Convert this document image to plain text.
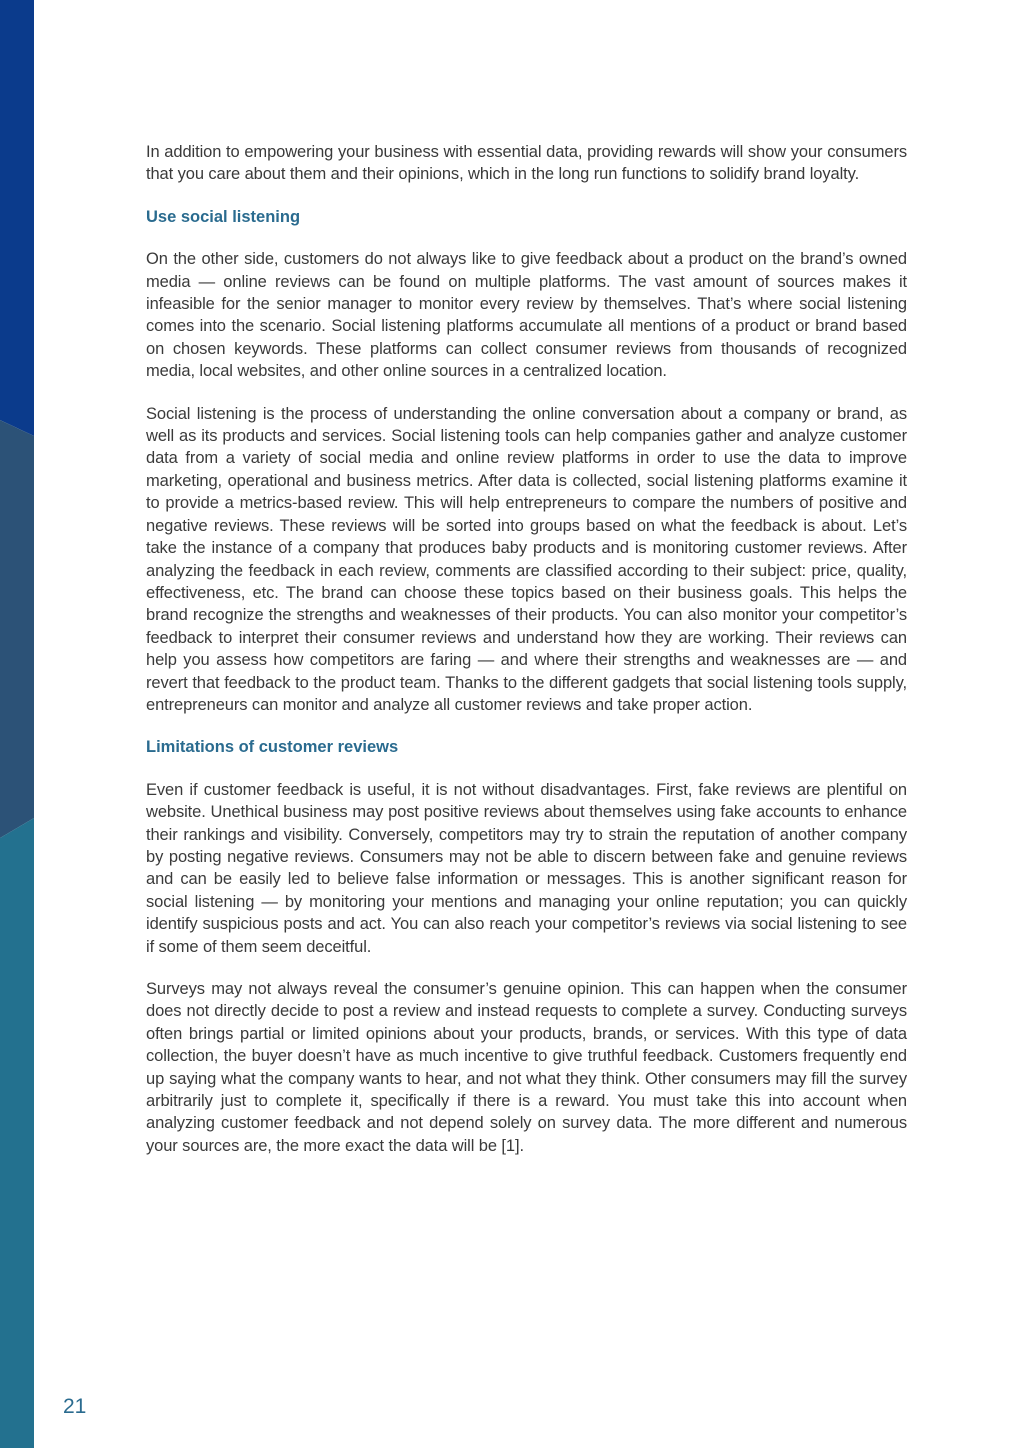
In addition to empowering your business with essential data, providing rewards will show your consumers that you care about them and their opinions, which in the long run functions to solidify brand loyalty.

Use social listening

On the other side, customers do not always like to give feedback about a product on the brand’s owned media — online reviews can be found on multiple platforms. The vast amount of sources makes it infeasible for the senior manager to monitor every review by themselves. That’s where social listening comes into the scenario. Social listening platforms accumulate all mentions of a product or brand based on chosen keywords. These platforms can collect consumer reviews from thousands of recognized media, local websites, and other online sources in a centralized location.

Social listening is the process of understanding the online conversation about a company or brand, as well as its products and services. Social listening tools can help companies gather and analyze customer data from a variety of social media and online review platforms in order to use the data to improve marketing, operational and business metrics. After data is collected, social listening platforms examine it to provide a metrics-based review. This will help entrepreneurs to compare the numbers of positive and negative reviews. These reviews will be sorted into groups based on what the feedback is about. Let’s take the instance of a company that produces baby products and is monitoring customer reviews. After analyzing the feedback in each review, comments are classified according to their subject: price, quality, effectiveness, etc. The brand can choose these topics based on their business goals. This helps the brand recognize the strengths and weaknesses of their products. You can also monitor your competitor’s feedback to interpret their consumer reviews and understand how they are working. Their reviews can help you assess how competitors are faring — and where their strengths and weaknesses are — and revert that feedback to the product team. Thanks to the different gadgets that social listening tools supply, entrepreneurs can monitor and analyze all customer reviews and take proper action.

Limitations of customer reviews

Even if customer feedback is useful, it is not without disadvantages. First, fake reviews are plentiful on website. Unethical business may post positive reviews about themselves using fake accounts to enhance their rankings and visibility. Conversely, competitors may try to strain the reputation of another company by posting negative reviews. Consumers may not be able to discern between fake and genuine reviews and can be easily led to believe false information or messages. This is another significant reason for social listening — by monitoring your mentions and managing your online reputation; you can quickly identify suspicious posts and act. You can also reach your competitor’s reviews via social listening to see if some of them seem deceitful.

Surveys may not always reveal the consumer’s genuine opinion. This can happen when the consumer does not directly decide to post a review and instead requests to complete a survey. Conducting surveys often brings partial or limited opinions about your products, brands, or services. With this type of data collection, the buyer doesn’t have as much incentive to give truthful feedback. Customers frequently end up saying what the company wants to hear, and not what they think. Other consumers may fill the survey arbitrarily just to complete it, specifically if there is a reward. You must take this into account when analyzing customer feedback and not depend solely on survey data. The more different and numerous your sources are, the more exact the data will be [1].

21
